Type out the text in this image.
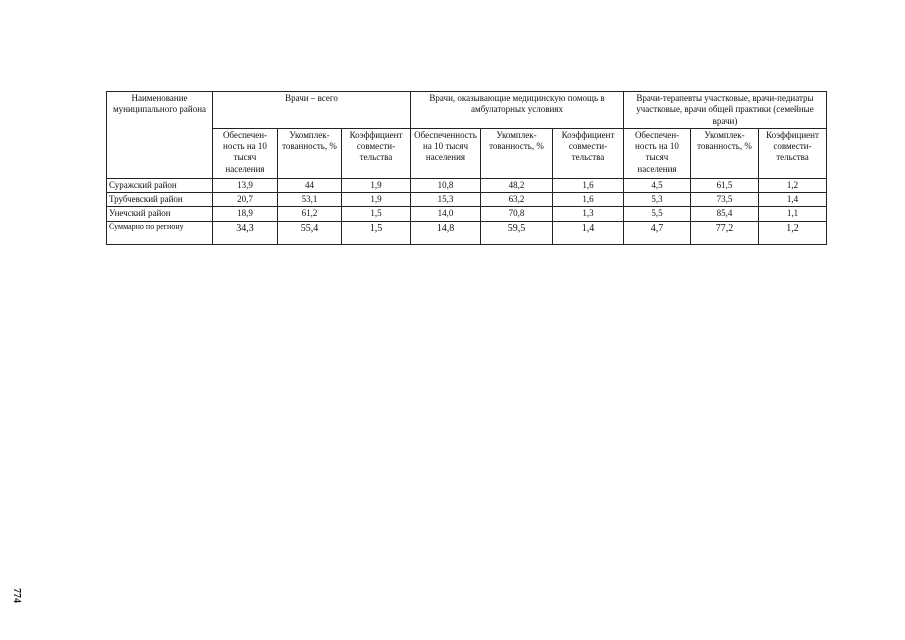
Наименование муниципального района	Врачи – всего			Врачи, оказывающие медицинскую помощь в амбулаторных условиях			Врачи-терапевты участковые, врачи-педиатры участковые, врачи общей практики (семейные врачи)		
	Обеспеченность на 10 тысяч населения	Укомплектованность, %	Коэффициент совместительства	Обеспеченность на 10 тысяч населения	Укомплектованность, %	Коэффициент совместительства	Обеспеченность на 10 тысяч населения	Укомплектованность, %	Коэффициент совместительства
Суражский район	13,9	44	1,9	10,8	48,2	1,6	4,5	61,5	1,2
Трубчевский район	20,7	53,1	1,9	15,3	63,2	1,6	5,3	73,5	1,4
Унечский район	18,9	61,2	1,5	14,0	70,8	1,3	5,5	85,4	1,1
Суммарно по региону	34,3	55,4	1,5	14,8	59,5	1,4	4,7	77,2	1,2
774
